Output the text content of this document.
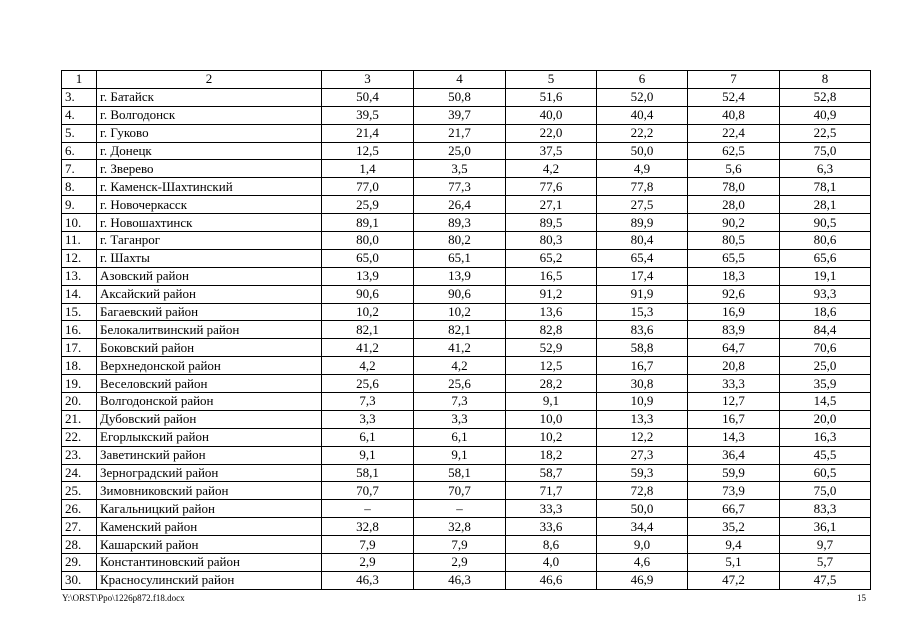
1	2	3	4	5	6	7	8
3.	г. Батайск	50,4	50,8	51,6	52,0	52,4	52,8
4.	г. Волгодонск	39,5	39,7	40,0	40,4	40,8	40,9
5.	г. Гуково	21,4	21,7	22,0	22,2	22,4	22,5
6.	г. Донецк	12,5	25,0	37,5	50,0	62,5	75,0
7.	г. Зверево	1,4	3,5	4,2	4,9	5,6	6,3
8.	г. Каменск-Шахтинский	77,0	77,3	77,6	77,8	78,0	78,1
9.	г. Новочеркасск	25,9	26,4	27,1	27,5	28,0	28,1
10.	г. Новошахтинск	89,1	89,3	89,5	89,9	90,2	90,5
11.	г. Таганрог	80,0	80,2	80,3	80,4	80,5	80,6
12.	г. Шахты	65,0	65,1	65,2	65,4	65,5	65,6
13.	Азовский район	13,9	13,9	16,5	17,4	18,3	19,1
14.	Аксайский район	90,6	90,6	91,2	91,9	92,6	93,3
15.	Багаевский район	10,2	10,2	13,6	15,3	16,9	18,6
16.	Белокалитвинский район	82,1	82,1	82,8	83,6	83,9	84,4
17.	Боковский район	41,2	41,2	52,9	58,8	64,7	70,6
18.	Верхнедонской район	4,2	4,2	12,5	16,7	20,8	25,0
19.	Веселовский район	25,6	25,6	28,2	30,8	33,3	35,9
20.	Волгодонской район	7,3	7,3	9,1	10,9	12,7	14,5
21.	Дубовский район	3,3	3,3	10,0	13,3	16,7	20,0
22.	Егорлыкский район	6,1	6,1	10,2	12,2	14,3	16,3
23.	Заветинский район	9,1	9,1	18,2	27,3	36,4	45,5
24.	Зерноградский район	58,1	58,1	58,7	59,3	59,9	60,5
25.	Зимовниковский район	70,7	70,7	71,7	72,8	73,9	75,0
26.	Кагальницкий район	–	–	33,3	50,0	66,7	83,3
27.	Каменский район	32,8	32,8	33,6	34,4	35,2	36,1
28.	Кашарский район	7,9	7,9	8,6	9,0	9,4	9,7
29.	Константиновский район	2,9	2,9	4,0	4,6	5,1	5,7
30.	Красносулинский район	46,3	46,3	46,6	46,9	47,2	47,5
Y:\ORST\Ppo\1226p872.f18.docx	15
